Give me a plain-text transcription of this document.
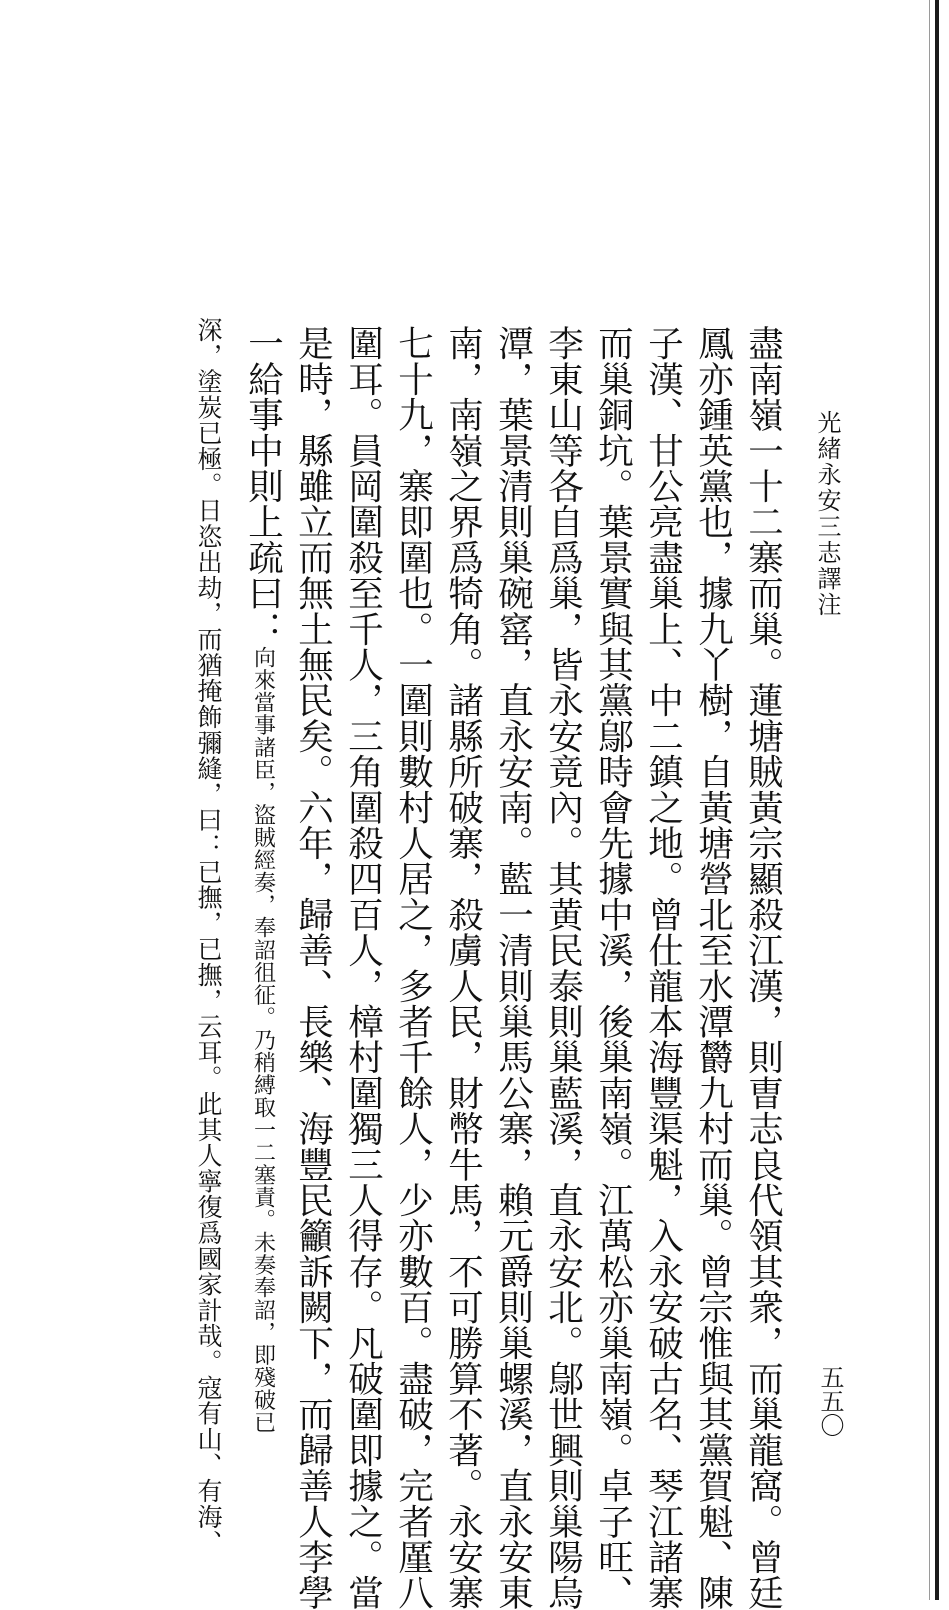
光緒永安三志譯注
五五〇
盡南嶺一十二寨而巢。蓮塘賊黃宗顯殺江漢，則曺志良代領其衆，而巢龍窩。曾廷
鳳亦鍾英黨也，據九丫樹，自黃塘營北至水潭欝九村而巢。曾宗惟與其黨賀魁、陳
子漢、甘公亮盡巢上、中二鎮之地。曾仕龍本海豐渠魁，入永安破古名、琴江諸寨
而巢銅坑。葉景實與其黨鄔時會先據中溪，後巢南嶺。江萬松亦巢南嶺。卓子旺、
李東山等各自爲巢，皆永安竟內。其黄民泰則巢藍溪，直永安北。鄔世興則巢陽烏
潭，葉景清則巢碗窰，直永安南。藍一清則巢馬公寨，賴元爵則巢螺溪，直永安東
南，南嶺之界爲犄角。諸縣所破寨，殺虜人民，財幣牛馬，不可勝算不著。永安寨
七十九，寨即圍也。一圍則數村人居之，多者千餘人，少亦數百。盡破，完者厪八
圍耳。員岡圍殺至千人，三角圍殺四百人，樟村圍獨三人得存。凡破圍即據之。當
是時，縣雖立而無土無民矣。六年，歸善、長樂、海豐民籲訴闕下，而歸善人李學
一給事中則上疏曰：向來當事諸臣，盜賊經奏，奉詔徂征。乃稍縛取一二塞責。未奏奉詔，即殘破已
深，塗炭已極。日恣出劫，而猶掩飾彌縫，曰：已撫，已撫，云耳。此其人寧復爲國家計哉。寇有山、有海、
